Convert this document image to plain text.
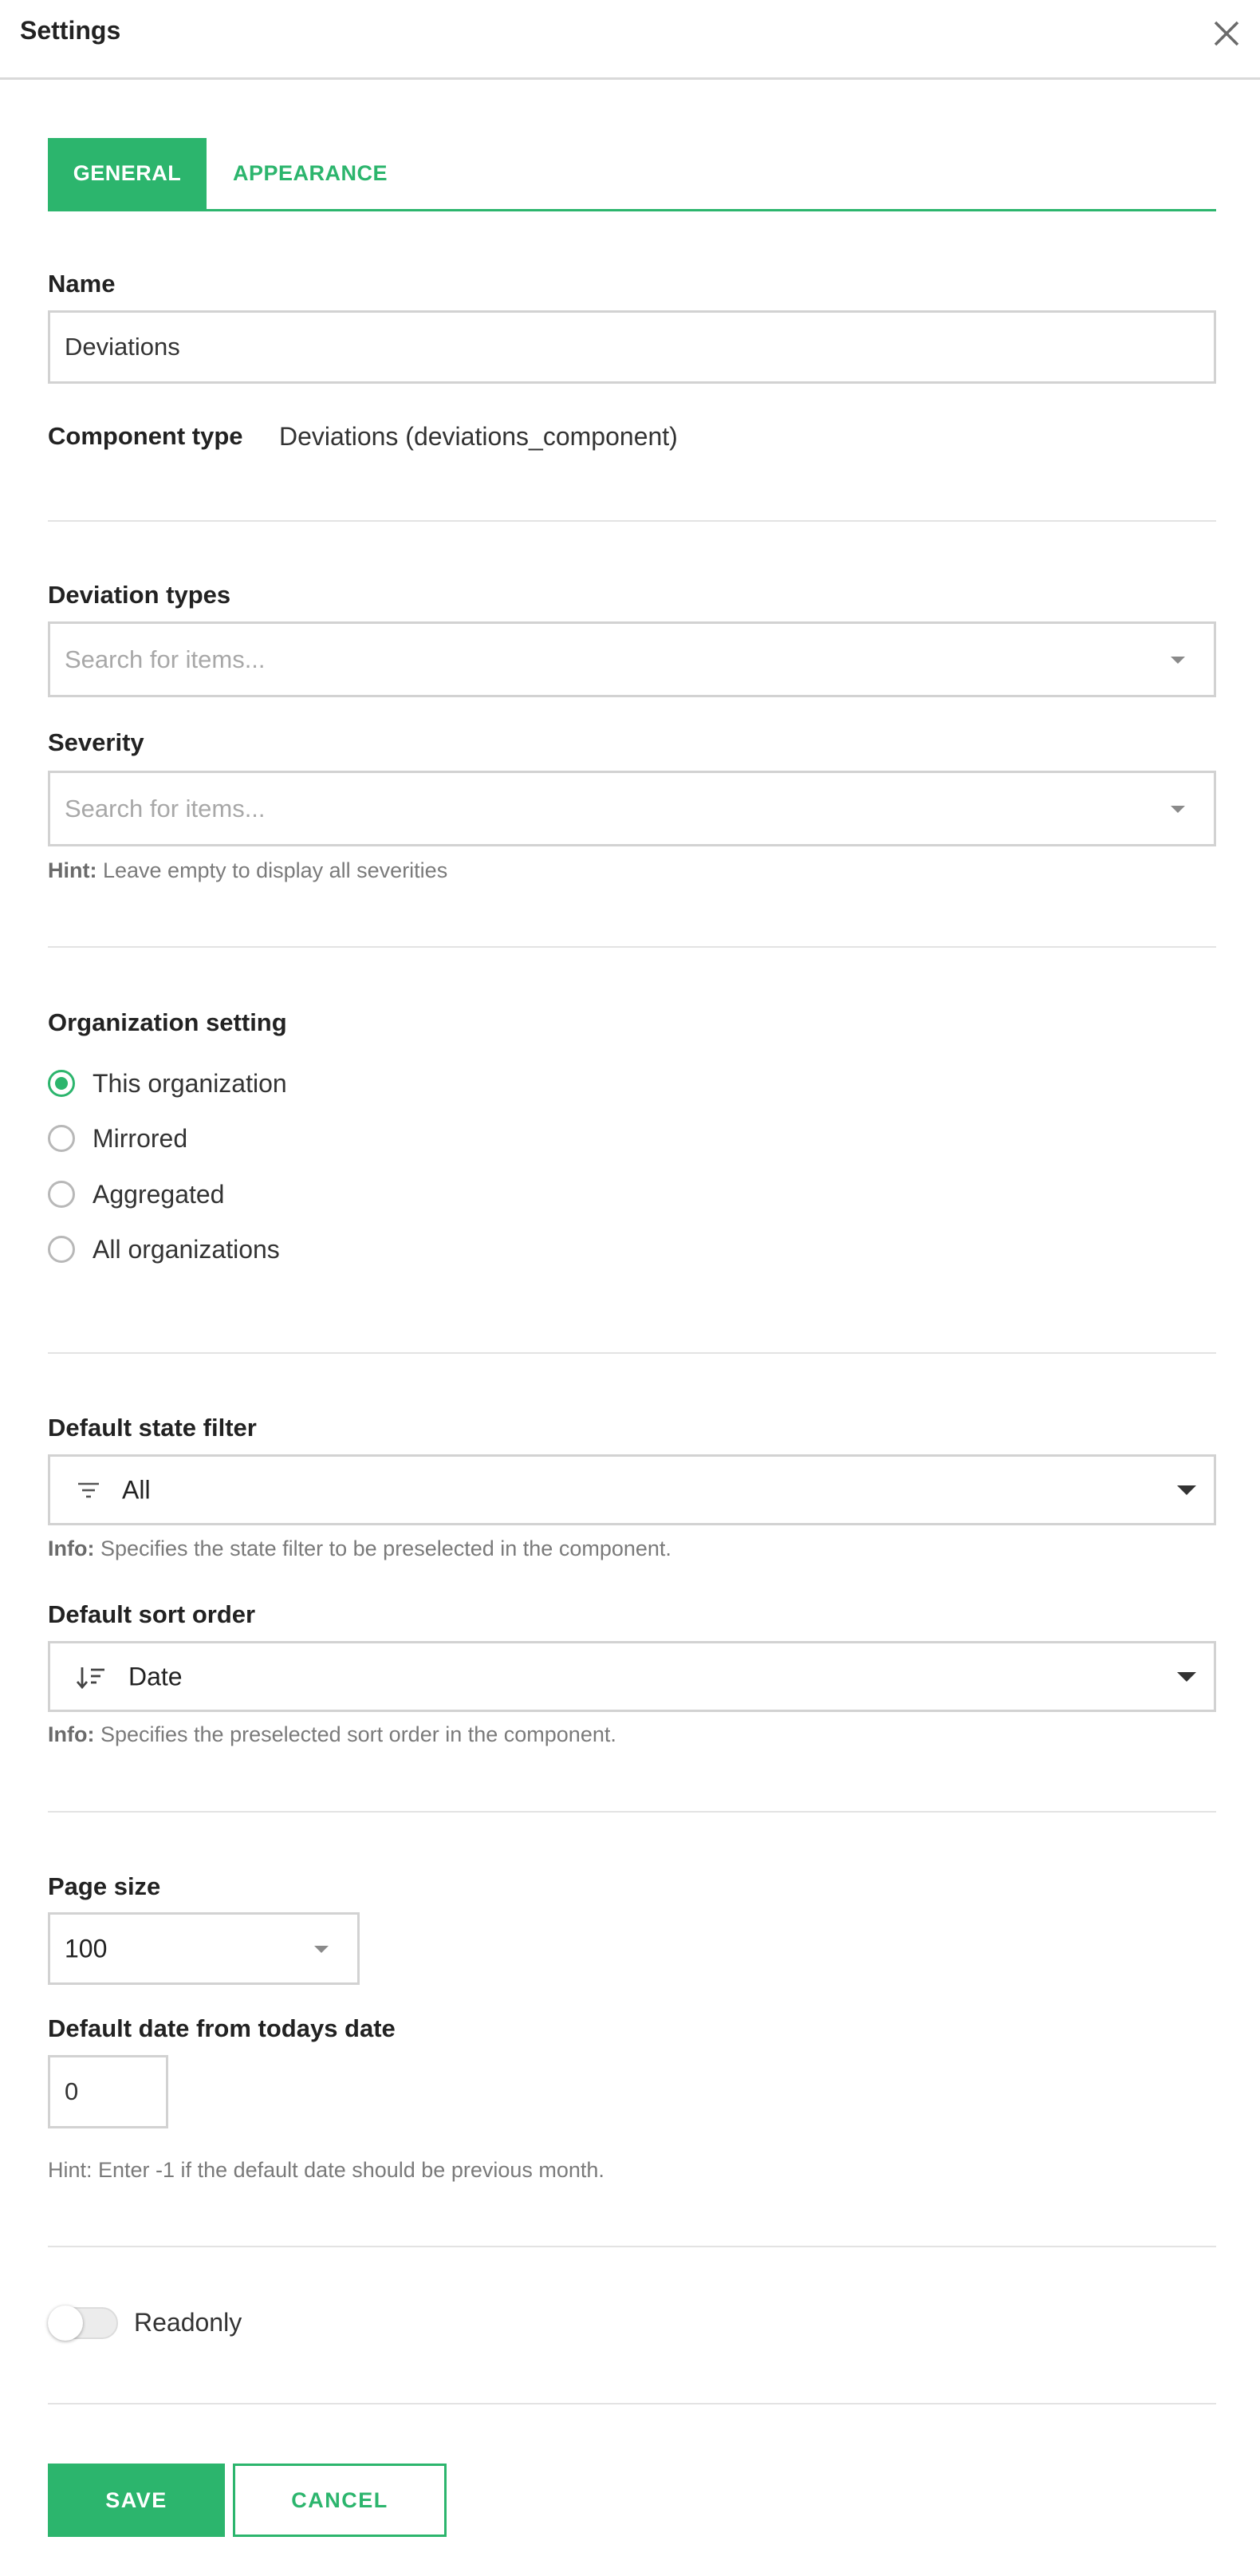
Settings
GENERAL	APPEARANCE
Name
Deviations
Component type Deviations (deviations_component)
Deviation types
Search for items...
Severity
Search for items...
Hint: Leave empty to display all severities
Organization setting
This organization
Mirrored
Aggregated
All organizations
Default state filter
All
Info: Specifies the state filter to be preselected in the component.
Default sort order
Date
Info: Specifies the preselected sort order in the component.
Page size
100
Default date from todays date
0
Hint: Enter -1 if the default date should be previous month.
Readonly
SAVE	CANCEL
